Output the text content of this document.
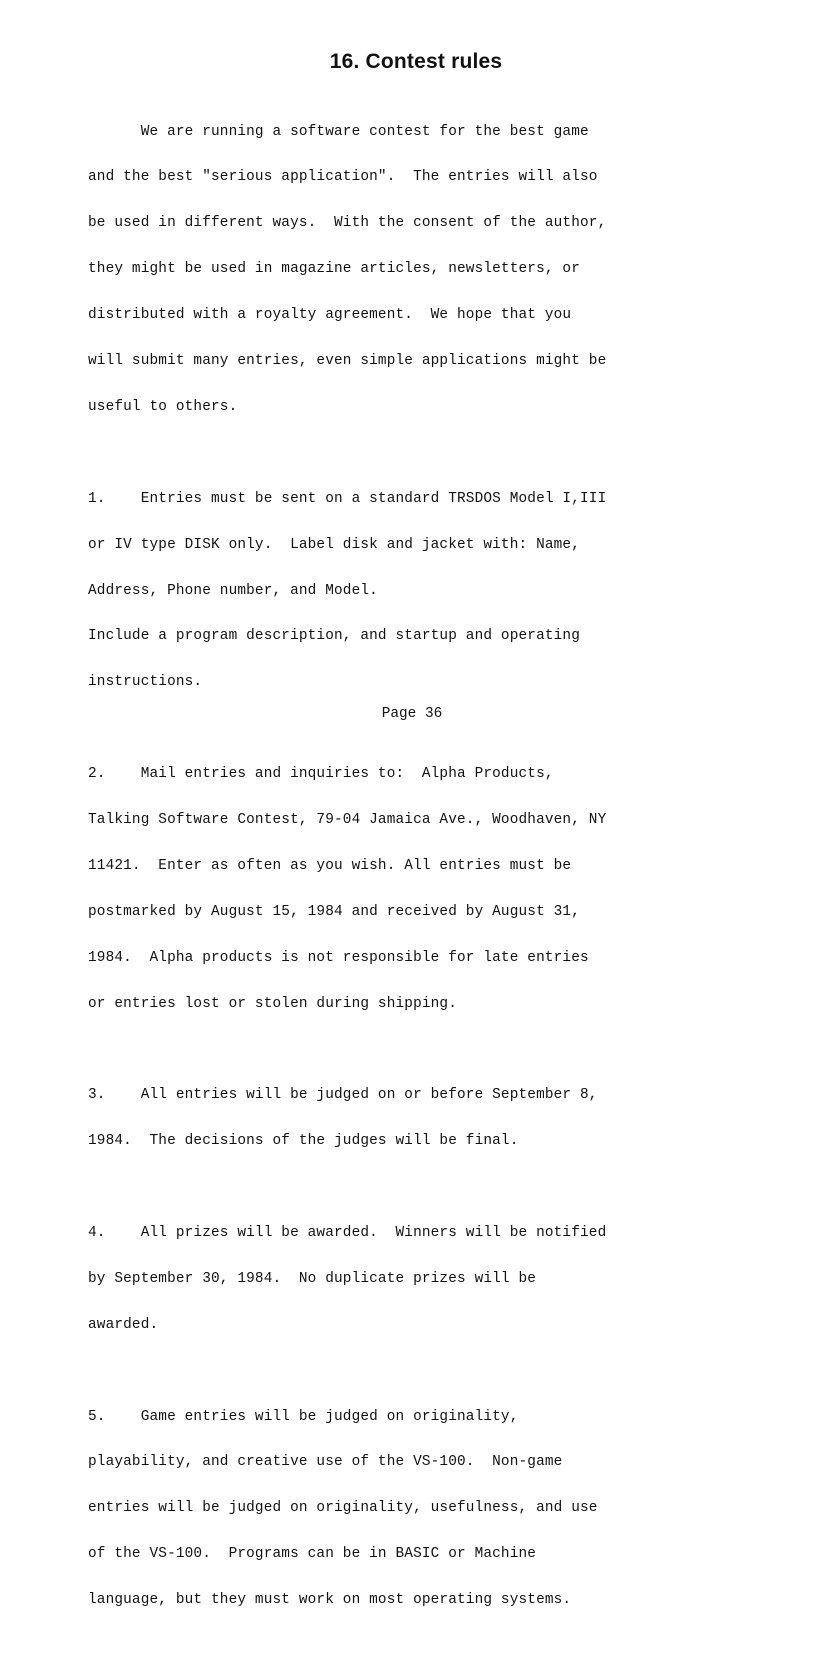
16. Contest rules

We are running a software contest for the best game

and the best "serious application".  The entries will also

be used in different ways.  With the consent of the author,

they might be used in magazine articles, newsletters, or

distributed with a royalty agreement.  We hope that you

will submit many entries, even simple applications might be

useful to others.

1.    Entries must be sent on a standard TRSDOS Model I,III

or IV type DISK only.  Label disk and jacket with: Name,

Address, Phone number, and Model.

Include a program description, and startup and operating

instructions.

2.    Mail entries and inquiries to:  Alpha Products,

Talking Software Contest, 79-04 Jamaica Ave., Woodhaven, NY

11421.  Enter as often as you wish. All entries must be

postmarked by August 15, 1984 and received by August 31,

1984.  Alpha products is not responsible for late entries

or entries lost or stolen during shipping.

3.    All entries will be judged on or before September 8,

1984.  The decisions of the judges will be final.

4.    All prizes will be awarded.  Winners will be notified

by September 30, 1984.  No duplicate prizes will be

awarded.

5.    Game entries will be judged on originality,

playability, and creative use of the VS-100.  Non-game

entries will be judged on originality, usefulness, and use

of the VS-100.  Programs can be in BASIC or Machine

language, but they must work on most operating systems.

Page 36
